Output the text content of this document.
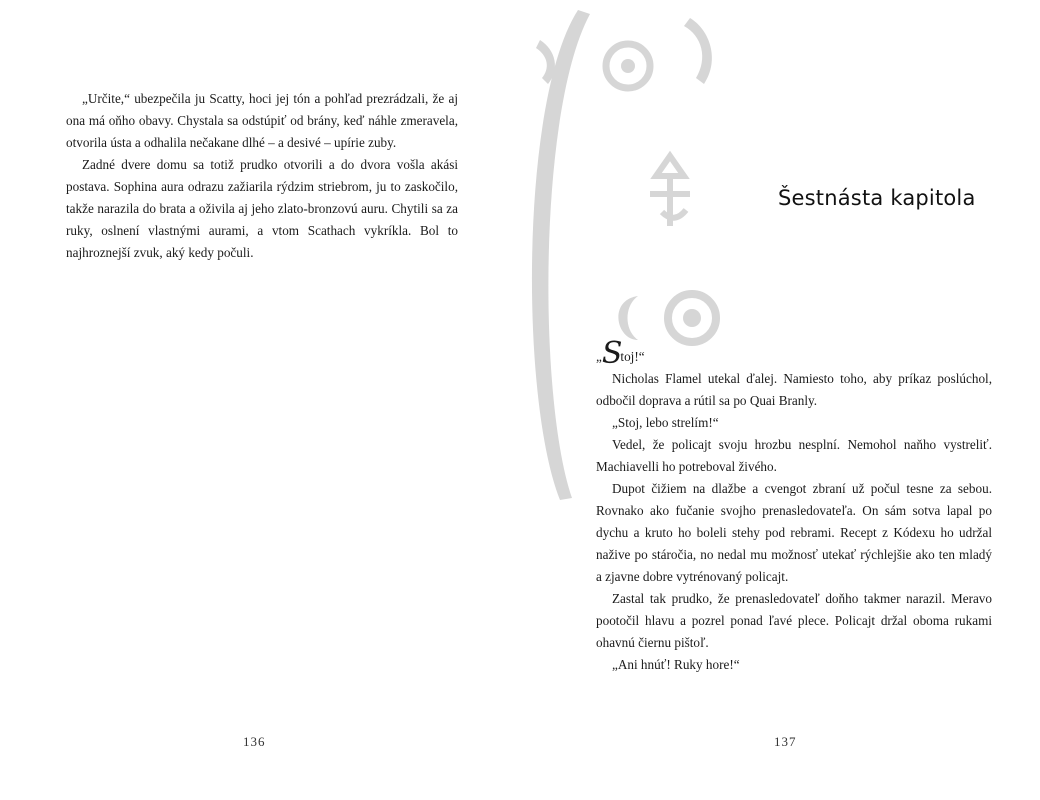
„Určite,“ ubezpečila ju Scatty, hoci jej tón a pohľad prezrádzali, že aj ona má oňho obavy. Chystala sa odstúpiť od brány, keď náhle zmeravela, otvorila ústa a odhalila nečakane dlhé – a desivé – upírie zuby.

Zadné dvere domu sa totiž prudko otvorili a do dvora vošla akási postava. Sophina aura odrazu zažiarila rýdzim striebrom, ju to zaskočilo, takže narazila do brata a oživila aj jeho zlato-bronzovú auru. Chytili sa za ruky, oslnení vlastnými aurami, a vtom Scathach vykríkla. Bol to najhroznejší zvuk, aký kedy počuli.

136
Šestnásta kapitola

„Stoj!“

Nicholas Flamel utekal ďalej. Namiesto toho, aby príkaz poslúchol, odbočil doprava a rútil sa po Quai Branly.

„Stoj, lebo strelím!“

Vedel, že policajt svoju hrozbu nesplní. Nemohol naňho vystreliť. Machiavelli ho potreboval živého.

Dupot čižiem na dlažbe a cvengot zbraní už počul tesne za sebou. Rovnako ako fučanie svojho prenasledovateľa. On sám sotva lapal po dychu a kruto ho boleli stehy pod rebrami. Recept z Kódexu ho udržal nažive po stáročia, no nedal mu možnosť utekať rýchlejšie ako ten mladý a zjavne dobre vytrénovaný policajt.

Zastal tak prudko, že prenasledovateľ doňho takmer narazil. Meravo pootočil hlavu a pozrel ponad ľavé plece. Policajt držal oboma rukami ohavnú čiernu pištoľ.

„Ani hnúť! Ruky hore!“

137
